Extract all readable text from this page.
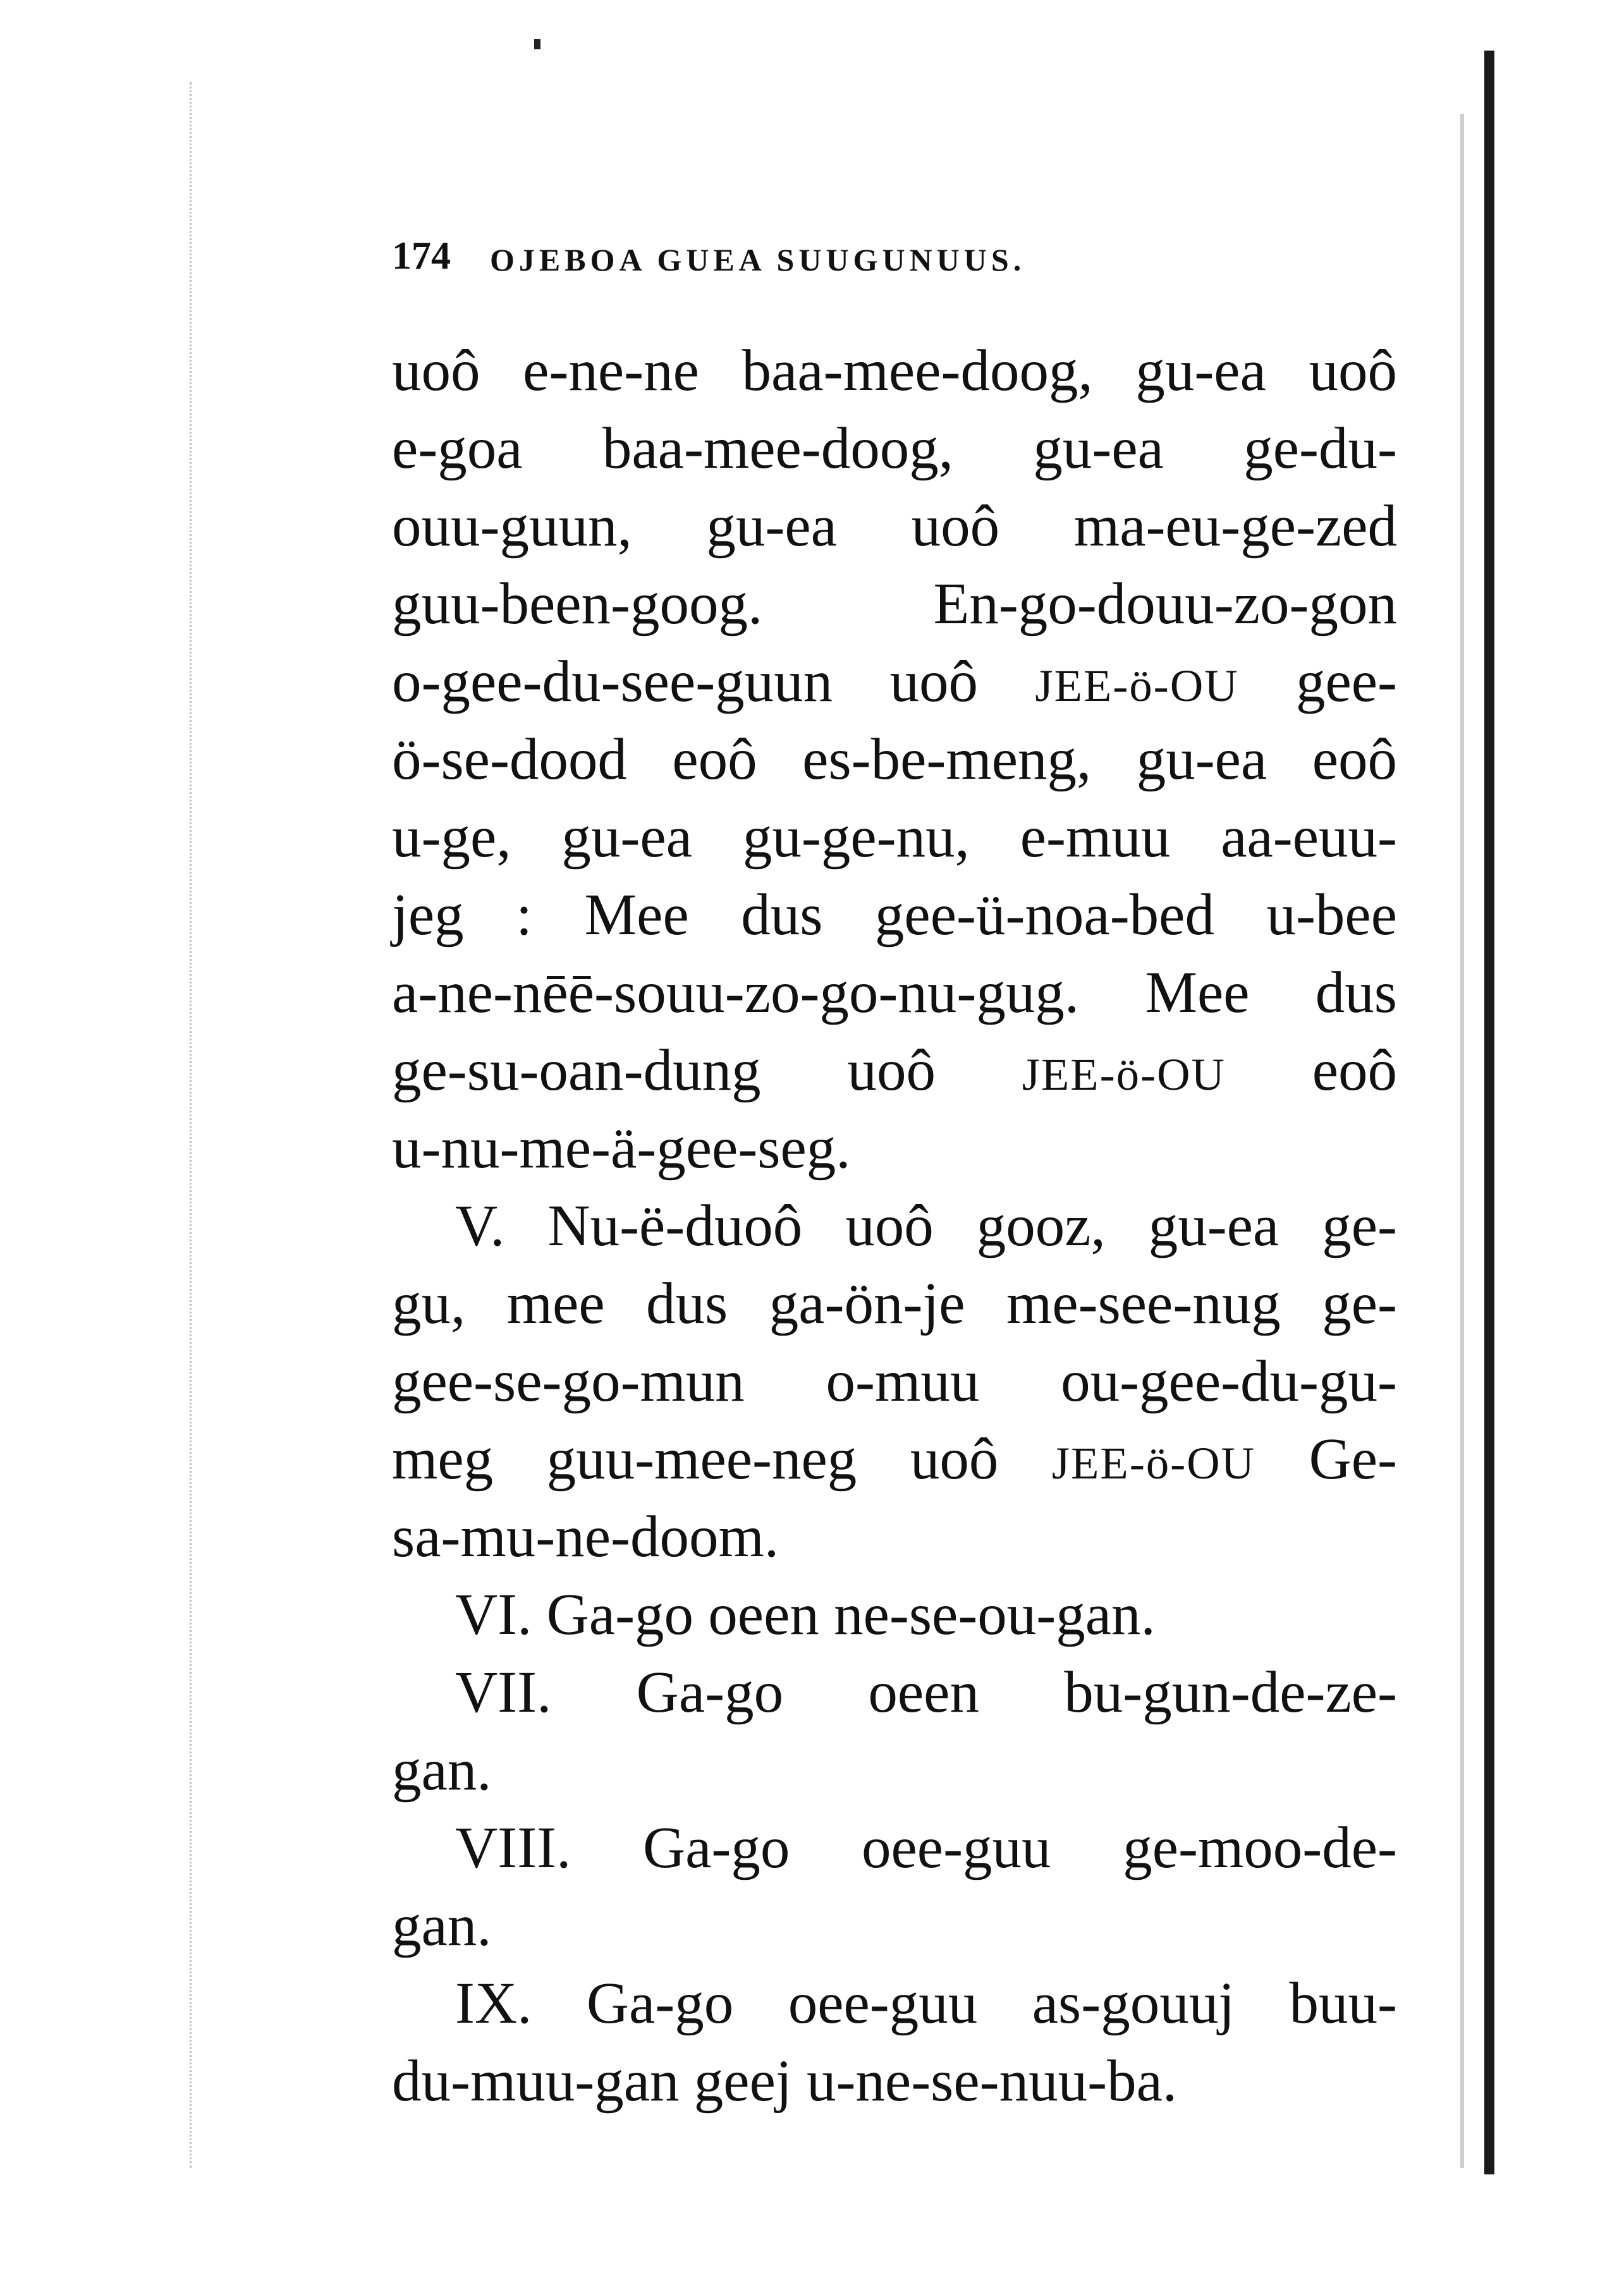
174 OJEBOA GUEA SUUGUNUUS.
uoô e-ne-ne baa-mee-doog, gu-ea uoô
e-goa baa-mee-doog, gu-ea ge-du-
ouu-guun, gu-ea uoô ma-eu-ge-zed
guu-been-goog. En-go-douu-zo-gon
o-gee-du-see-guun uoô JEE-ö-OU gee-
ö-se-dood eoô es-be-meng, gu-ea eoô
u-ge, gu-ea gu-ge-nu, e-muu aa-euu-
jeg : Mee dus gee-ü-noa-bed u-bee
a-ne-nēē-souu-zo-go-nu-gug. Mee dus
ge-su-oan-dung uoô JEE-ö-OU eoô
u-nu-me-ä-gee-seg.
V. Nu-ë-duoô uoô gooz, gu-ea ge-
gu, mee dus ga-ön-je me-see-nug ge-
gee-se-go-mun o-muu ou-gee-du-gu-
meg guu-mee-neg uoô JEE-ö-OU Ge-
sa-mu-ne-doom.
VI. Ga-go oeen ne-se-ou-gan.
VII. Ga-go oeen bu-gun-de-ze-
gan.
VIII. Ga-go oee-guu ge-moo-de-
gan.
IX. Ga-go oee-guu as-gouuj buu-
du-muu-gan geej u-ne-se-nuu-ba.
